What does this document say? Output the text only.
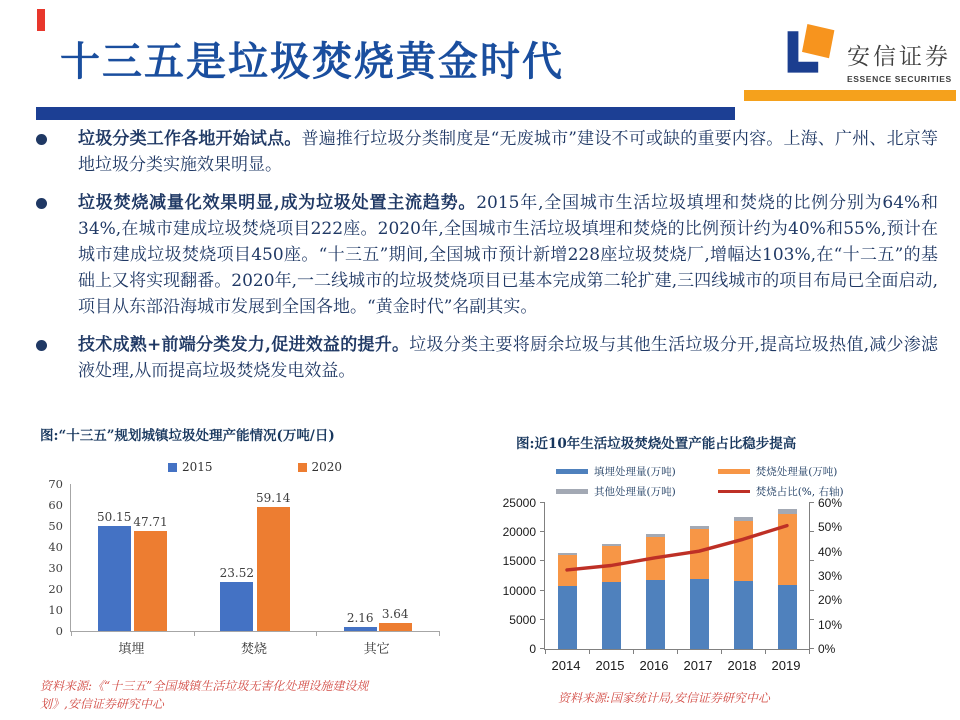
十三五是垃圾焚烧黄金时代	安信证券
ESSENCE SECURITIES
垃圾分类工作各地开始试点。普遍推行垃圾分类制度是“无废城市”建设不可或缺的重要内容。上海、广州、北京等地垃圾分类实施效果明显。
垃圾焚烧减量化效果明显,成为垃圾处置主流趋势。2015年,全国城市生活垃圾填埋和焚烧的比例分别为64%和34%,在城市建成垃圾焚烧项目222座。2020年,全国城市生活垃圾填埋和焚烧的比例预计约为40%和55%,预计在城市建成垃圾焚烧项目450座。“十三五”期间,全国城市预计新增228座垃圾焚烧厂,增幅达103%,在“十二五”的基础上又将实现翻番。2020年,一二线城市的垃圾焚烧项目已基本完成第二轮扩建,三四线城市的项目布局已全面启动,项目从东部沿海城市发展到全国各地。“黄金时代”名副其实。
技术成熟+前端分类发力,促进效益的提升。垃圾分类主要将厨余垃圾与其他生活垃圾分开,提高垃圾热值,减少渗滤液处理,从而提高垃圾焚烧发电效益。
图:“十三五”规划城镇垃圾处理产能情况(万吨/日)
2015	2020
0
10
20
30
40
50
60
70
50.15 47.71
23.52
59.14
2.16 3.64
填埋	焚烧	其它
图:近10年生活垃圾焚烧处置产能占比稳步提高
填埋处理量(万吨)	焚烧处理量(万吨)
其他处理量(万吨)	焚烧占比(%, 右轴)
0
5000
10000
15000
20000
25000
0%
10%
20%
30%
40%
50%
60%
2014	2015	2016	2017	2018	2019
资料来源:《“十三五”全国城镇生活垃圾无害化处理设施建设规划》,安信证券研究中心	资料来源:国家统计局,安信证券研究中心
